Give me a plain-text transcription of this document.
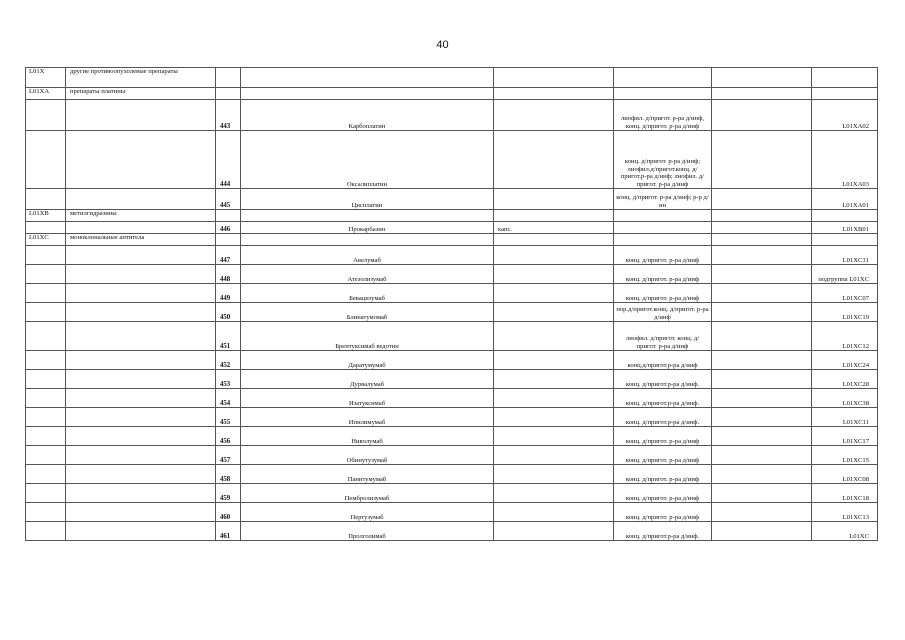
40
L01X	другие противоопухолевые препараты						
L01XA	препараты платины						
		443	Карбоплатин		лиофил. д/пригот. р-ра д/инф, конц. д/пригот. р-ра д/инф		L01XA02
		444	Оксалиплатин		конц. д/пригот. р-ра д/инф; лиофил.д/пригот.конц. д/пригот.р-ра д/инф; лиофил. д/пригот. р-ра д/инф		L01XA03
		445	Цисплатин		конц. д/пригот. р-ра д/инф; р-р д/ин		L01XA01
L01XB	метилгидразины						
		446	Прокарбазин	капс.			L01XB01
L01XC	моноклональные антитела						
		447	Авелумаб		конц. д/пригот. р-ра д/инф		L01XC31
		448	Атезолизумаб		конц. д/пригот. р-ра д/инф		подгруппа L01XC
		449	Бевацизумаб		конц. д/пригот. р-ра д/инф		L01XC07
		450	Блинатумомаб		пор.д/пригот.конц. д/пригот. р-ра д/инф		L01XC19
		451	Брентуксимаб ведотин		лиофил. д/пригот. конц. д/пригот. р-ра д/инф		L01XC12
		452	Даратумумаб		конц.д/пригот.р-ра д/инф		L01XC24
		453	Дурвалумаб		конц. д/пригот.р-ра д/инф.		L01XC28
		454	Изатуксимаб		конц. д/пригот.р-ра д/инф.		L01XC38
		455	Ипилимумаб		конц. д/пригот.р-ра д/инф.		L01XC11
		456	Ниволумаб		конц. д/пригот. р-ра д/инф		L01XC17
		457	Обинутузумаб		конц. д/пригот. р-ра д/инф		L01XC15
		458	Панитумумаб		конц. д/пригот. р-ра д/инф		L01XC08
		459	Пембролизумаб		конц. д/пригот. р-ра д/инф		L01XC18
		460	Пертузумаб		конц. д/пригот. р-ра д/инф		L01XC13
		461	Пролголимаб		конц. д/пригот.р-ра д/инф.		L01XC
